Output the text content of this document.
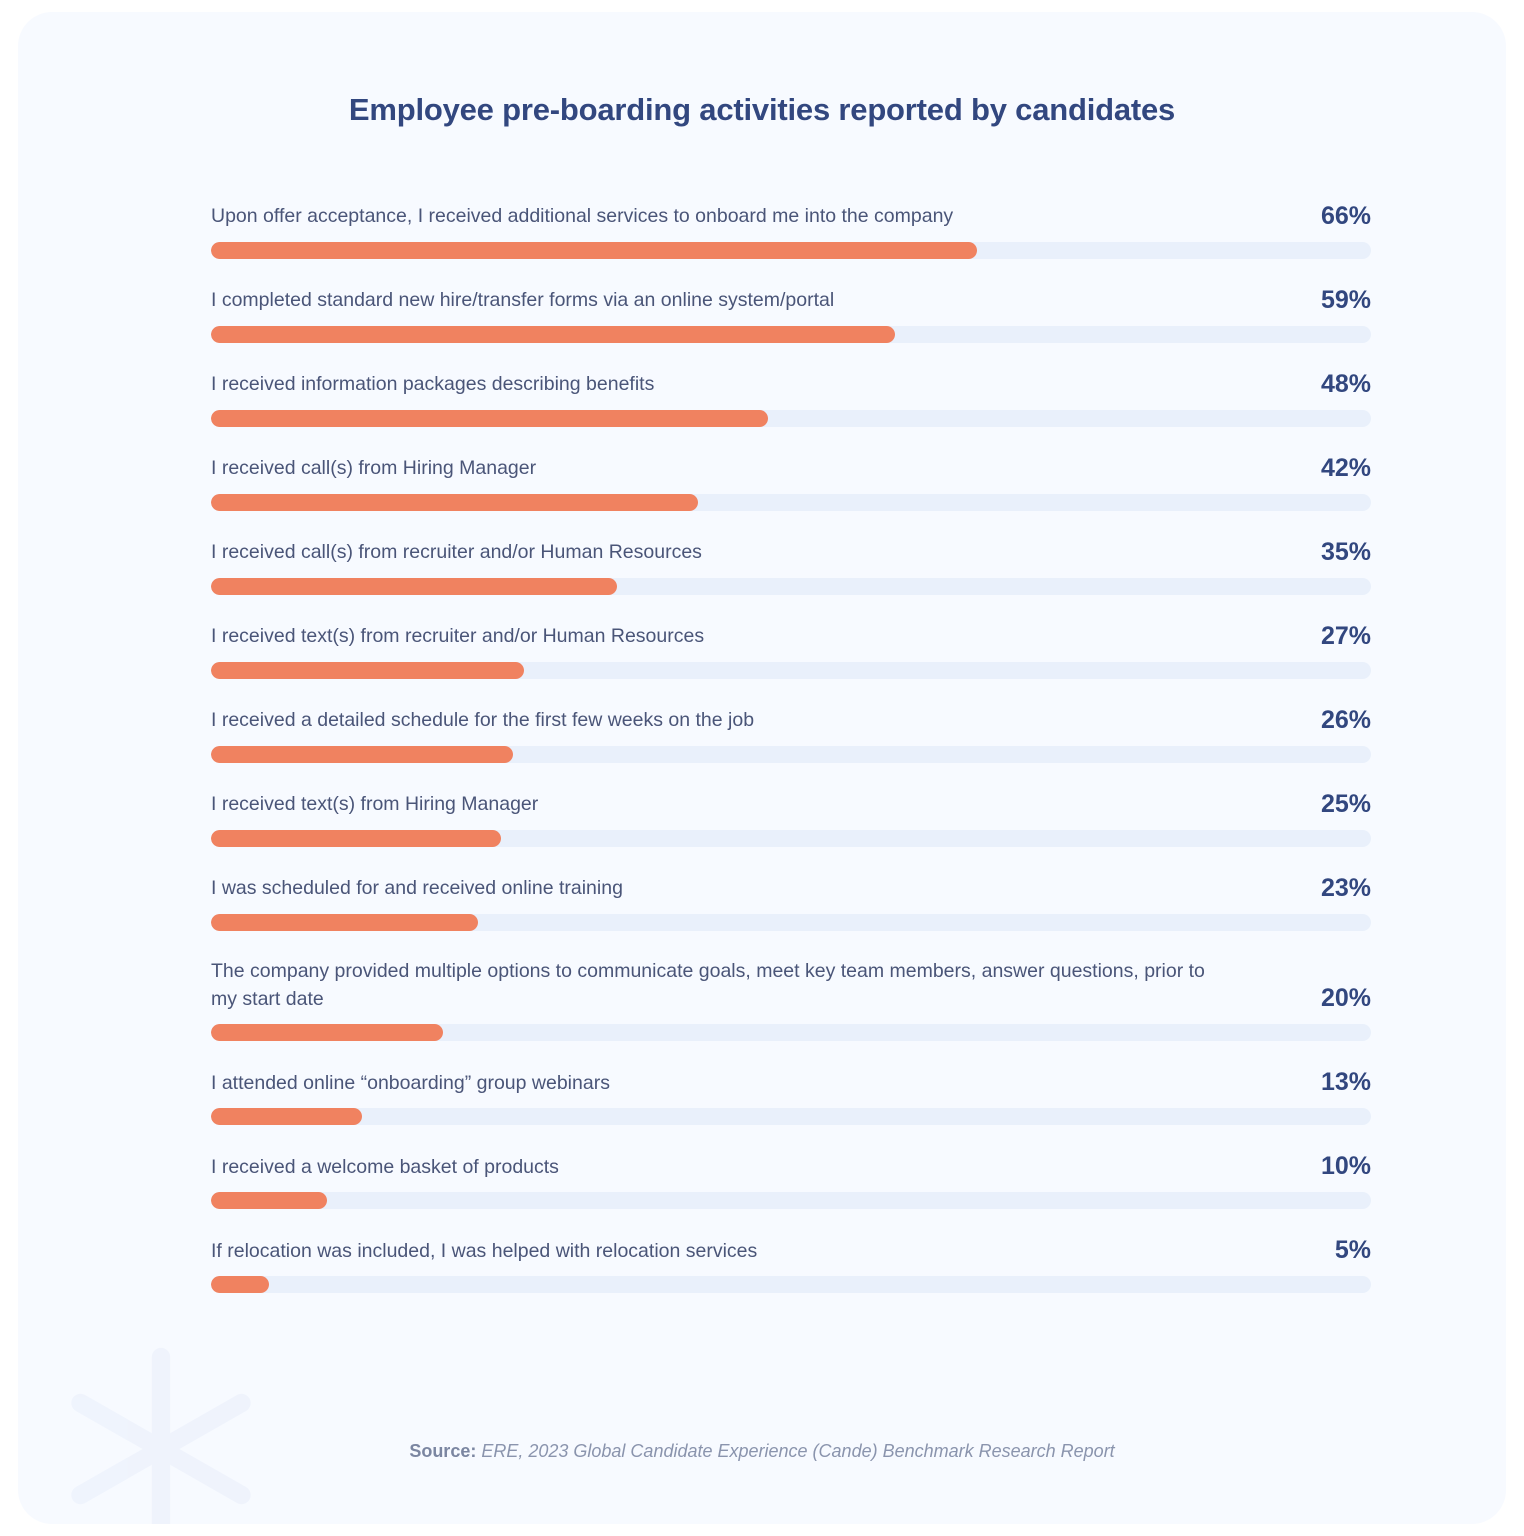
Employee pre-boarding activities reported by candidates
Upon offer acceptance, I received additional services to onboard me into the company	66%
I completed standard new hire/transfer forms via an online system/portal	59%
I received information packages describing benefits	48%
I received call(s) from Hiring Manager	42%
I received call(s) from recruiter and/or Human Resources	35%
I received text(s) from recruiter and/or Human Resources	27%
I received a detailed schedule for the first few weeks on the job	26%
I received text(s) from Hiring Manager	25%
I was scheduled for and received online training	23%
The company provided multiple options to communicate goals, meet key team members, answer questions, prior to my start date	20%
I attended online “onboarding” group webinars	13%
I received a welcome basket of products	10%
If relocation was included, I was helped with relocation services	5%
Source: ERE, 2023 Global Candidate Experience (Cande) Benchmark Research Report
